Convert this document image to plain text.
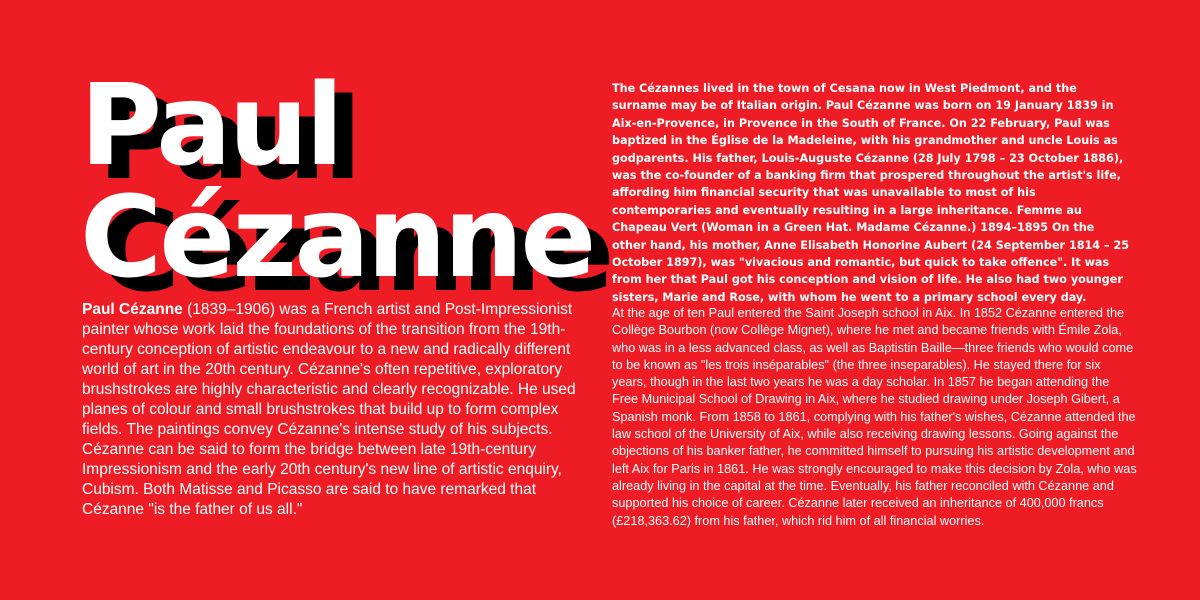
Paul
Cézanne

Paul Cézanne (1839–1906) was a French artist and Post-Impressionist painter whose work laid the foundations of the transition from the 19th-century conception of artistic endeavour to a new and radically different world of art in the 20th century. Cézanne's often repetitive, exploratory brushstrokes are highly characteristic and clearly recognizable. He used planes of colour and small brushstrokes that build up to form complex fields. The paintings convey Cézanne's intense study of his subjects. Cézanne can be said to form the bridge between late 19th-century Impressionism and the early 20th century's new line of artistic enquiry, Cubism. Both Matisse and Picasso are said to have remarked that Cézanne "is the father of us all."

The Cézannes lived in the town of Cesana now in West Piedmont, and the surname may be of Italian origin. Paul Cézanne was born on 19 January 1839 in Aix-en-Provence, in Provence in the South of France. On 22 February, Paul was baptized in the Église de la Madeleine, with his grandmother and uncle Louis as godparents. His father, Louis-Auguste Cézanne (28 July 1798 – 23 October 1886), was the co-founder of a banking firm that prospered throughout the artist's life, affording him financial security that was unavailable to most of his contemporaries and eventually resulting in a large inheritance. Femme au Chapeau Vert (Woman in a Green Hat. Madame Cézanne.) 1894–1895 On the other hand, his mother, Anne Elisabeth Honorine Aubert (24 September 1814 – 25 October 1897), was "vivacious and romantic, but quick to take offence". It was from her that Paul got his conception and vision of life. He also had two younger sisters, Marie and Rose, with whom he went to a primary school every day.

At the age of ten Paul entered the Saint Joseph school in Aix. In 1852 Cézanne entered the Collège Bourbon (now Collège Mignet), where he met and became friends with Émile Zola, who was in a less advanced class, as well as Baptistin Baille—three friends who would come to be known as "les trois inséparables" (the three inseparables). He stayed there for six years, though in the last two years he was a day scholar. In 1857 he began attending the Free Municipal School of Drawing in Aix, where he studied drawing under Joseph Gibert, a Spanish monk. From 1858 to 1861, complying with his father's wishes, Cézanne attended the law school of the University of Aix, while also receiving drawing lessons. Going against the objections of his banker father, he committed himself to pursuing his artistic development and left Aix for Paris in 1861. He was strongly encouraged to make this decision by Zola, who was already living in the capital at the time. Eventually, his father reconciled with Cézanne and supported his choice of career. Cézanne later received an inheritance of 400,000 francs (£218,363.62) from his father, which rid him of all financial worries.
